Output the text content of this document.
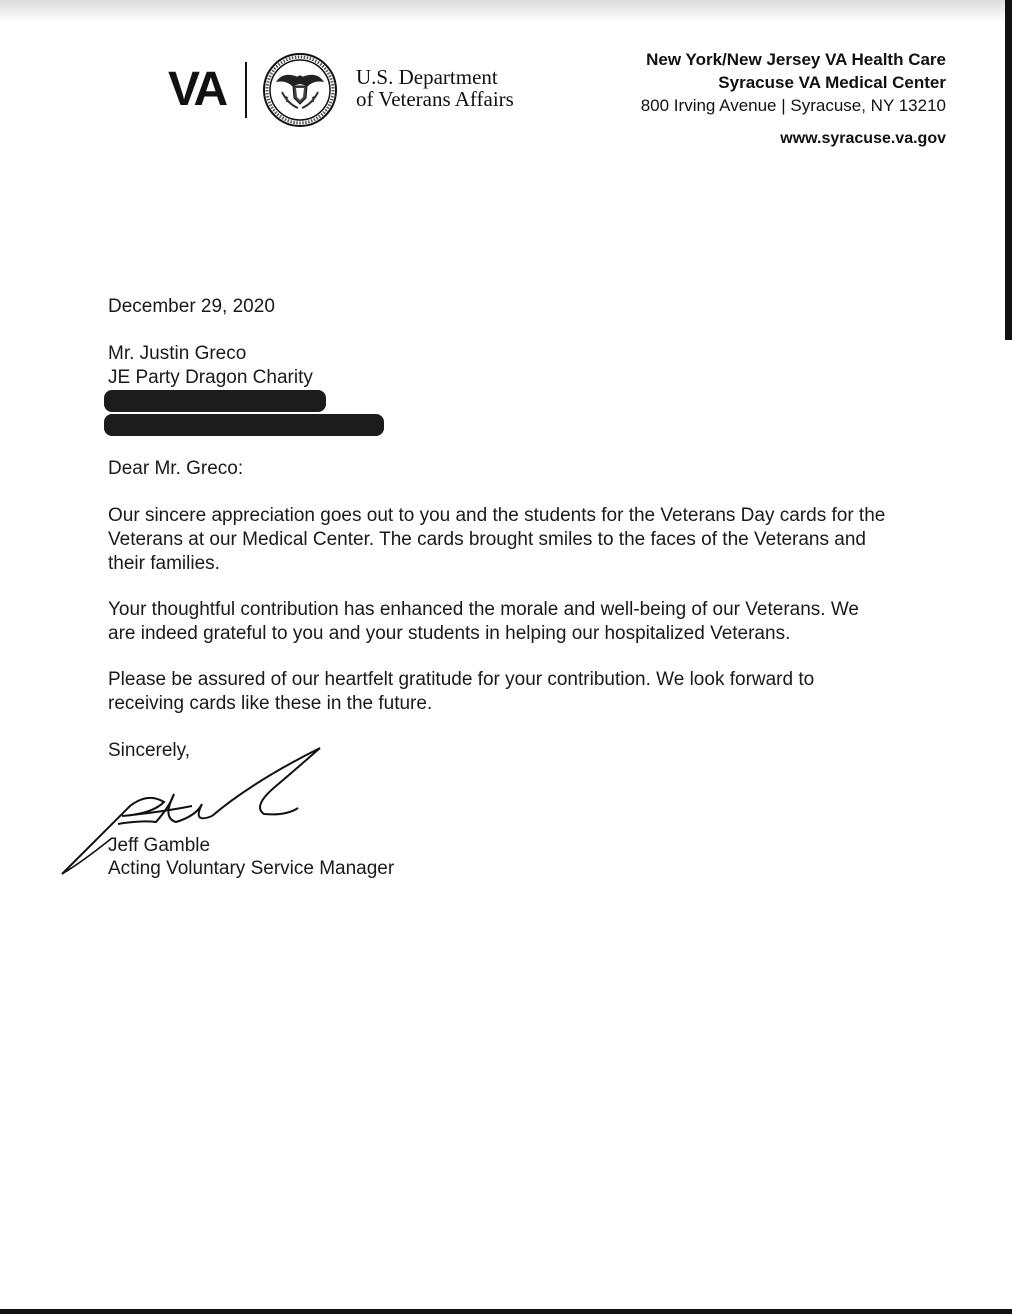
VA	U.S. Department
of Veterans Affairs
New York/New Jersey VA Health Care
Syracuse VA Medical Center
800 Irving Avenue | Syracuse, NY 13210
www.syracuse.va.gov
December 29, 2020
Mr. Justin Greco
JE Party Dragon Charity
Dear Mr. Greco:
Our sincere appreciation goes out to you and the students for the Veterans Day cards for the Veterans at our Medical Center. The cards brought smiles to the faces of the Veterans and their families.
Your thoughtful contribution has enhanced the morale and well-being of our Veterans. We are indeed grateful to you and your students in helping our hospitalized Veterans.
Please be assured of our heartfelt gratitude for your contribution. We look forward to receiving cards like these in the future.
Sincerely,
Jeff Gamble
Acting Voluntary Service Manager
